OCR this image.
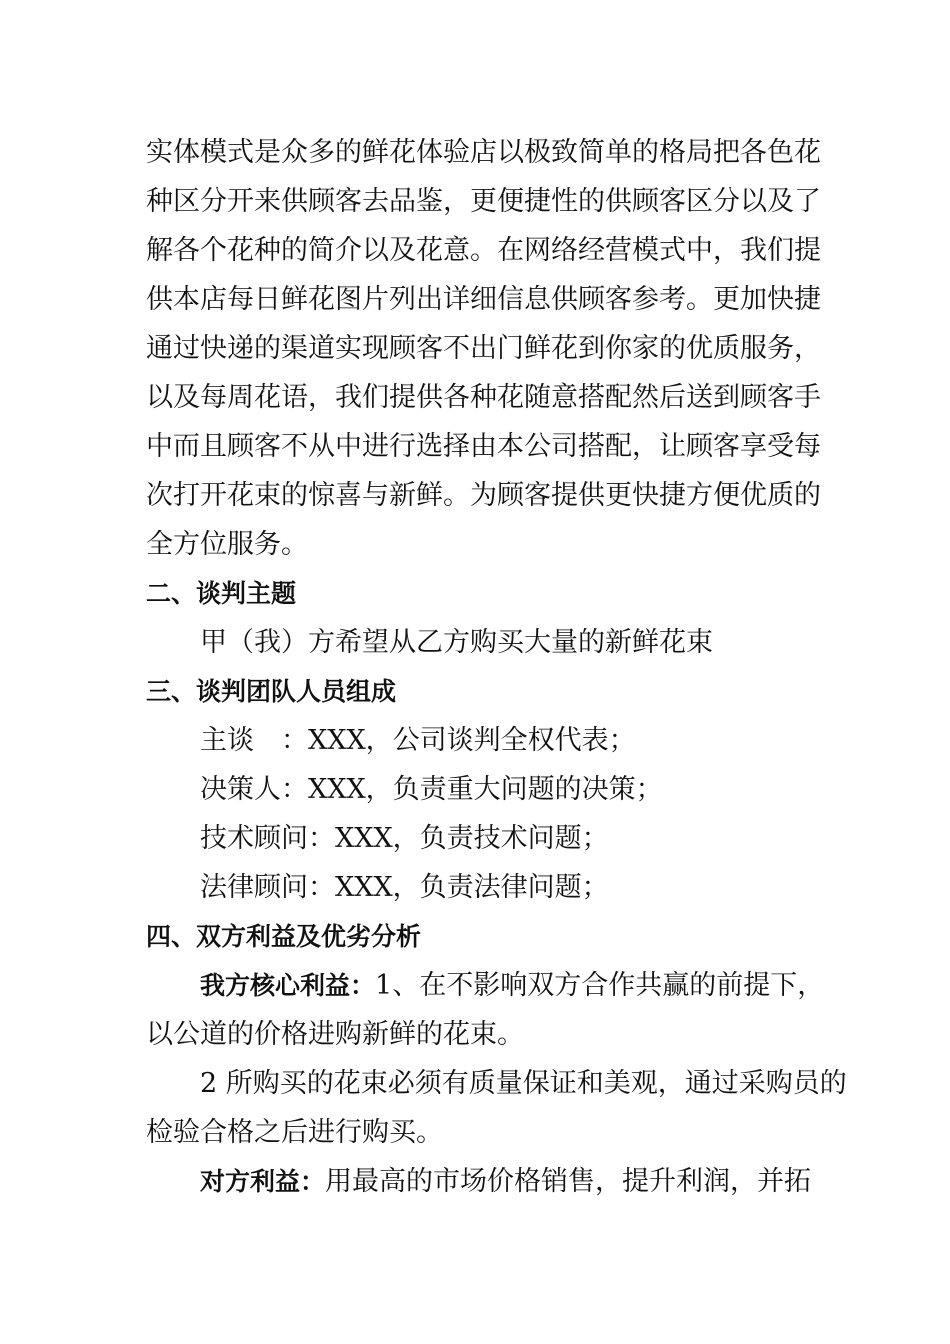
实体模式是众多的鲜花体验店以极致简单的格局把各色花
种区分开来供顾客去品鉴，更便捷性的供顾客区分以及了
解各个花种的简介以及花意。在网络经营模式中，我们提
供本店每日鲜花图片列出详细信息供顾客参考。更加快捷
通过快递的渠道实现顾客不出门鲜花到你家的优质服务，
以及每周花语，我们提供各种花随意搭配然后送到顾客手
中而且顾客不从中进行选择由本公司搭配，让顾客享受每
次打开花束的惊喜与新鲜。为顾客提供更快捷方便优质的
全方位服务。
二、谈判主题
甲（我）方希望从乙方购买大量的新鲜花束
三、谈判团队人员组成
主谈　：XXX，公司谈判全权代表；
决策人：XXX，负责重大问题的决策；
技术顾问：XXX，负责技术问题；
法律顾问：XXX，负责法律问题；
四、双方利益及优劣分析
我方核心利益：1、在不影响双方合作共赢的前提下，
以公道的价格进购新鲜的花束。
2 所购买的花束必须有质量保证和美观，通过采购员的
检验合格之后进行购买。
对方利益：用最高的市场价格销售，提升利润，并拓
